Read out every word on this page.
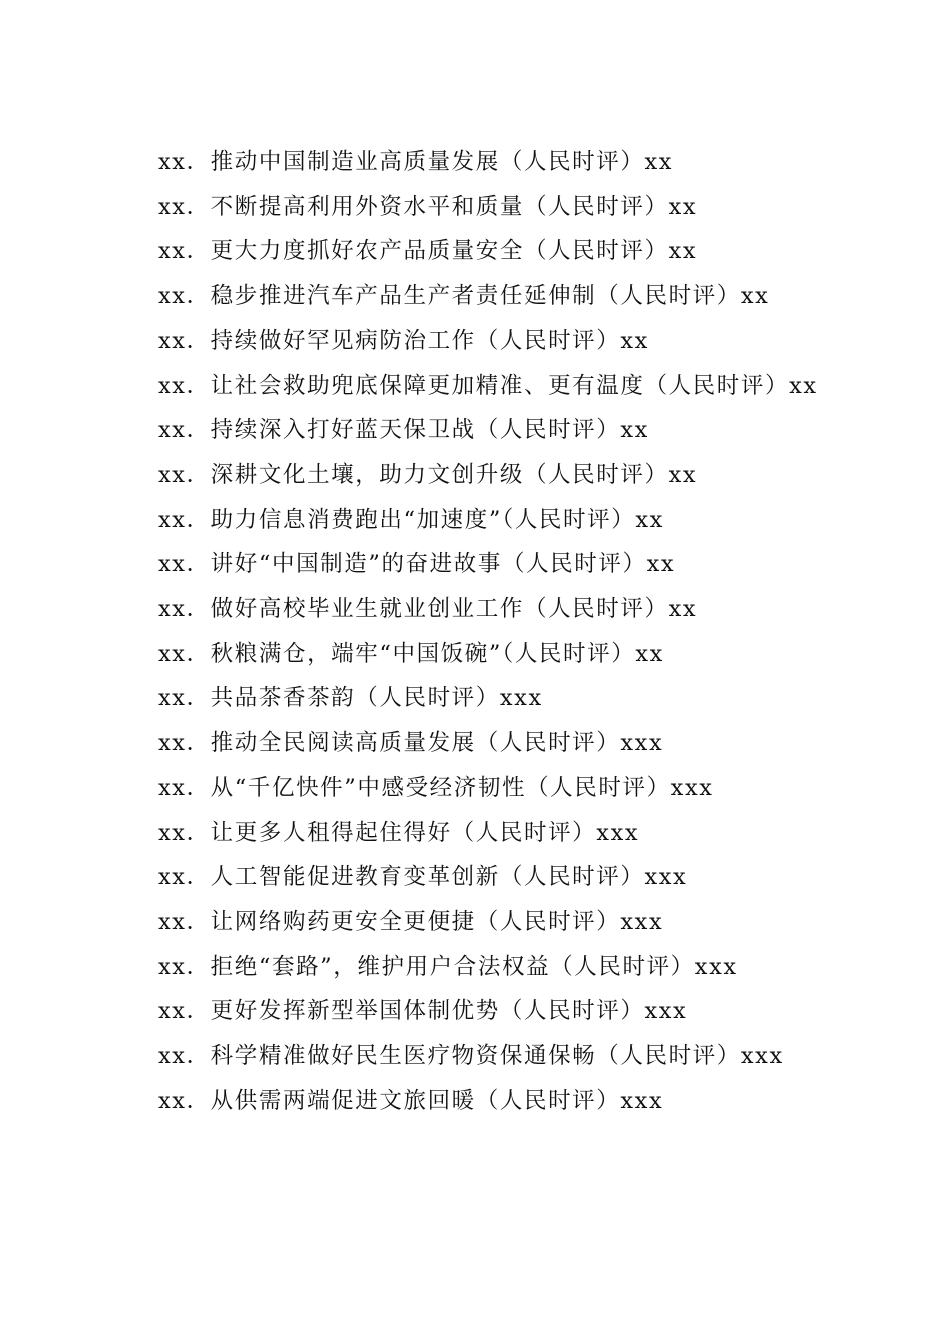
xx．推动中国制造业高质量发展（人民时评）xx
xx．不断提高利用外资水平和质量（人民时评）xx
xx．更大力度抓好农产品质量安全（人民时评）xx
xx．稳步推进汽车产品生产者责任延伸制（人民时评）xx
xx．持续做好罕见病防治工作（人民时评）xx
xx．让社会救助兜底保障更加精准、更有温度（人民时评）xx
xx．持续深入打好蓝天保卫战（人民时评）xx
xx．深耕文化土壤，助力文创升级（人民时评）xx
xx．助力信息消费跑出“加速度”（人民时评）xx
xx．讲好“中国制造”的奋进故事（人民时评）xx
xx．做好高校毕业生就业创业工作（人民时评）xx
xx．秋粮满仓，端牢“中国饭碗”（人民时评）xx
xx．共品茶香茶韵（人民时评）xxx
xx．推动全民阅读高质量发展（人民时评）xxx
xx．从“千亿快件”中感受经济韧性（人民时评）xxx
xx．让更多人租得起住得好（人民时评）xxx
xx．人工智能促进教育变革创新（人民时评）xxx
xx．让网络购药更安全更便捷（人民时评）xxx
xx．拒绝“套路”，维护用户合法权益（人民时评）xxx
xx．更好发挥新型举国体制优势（人民时评）xxx
xx．科学精准做好民生医疗物资保通保畅（人民时评）xxx
xx．从供需两端促进文旅回暖（人民时评）xxx
